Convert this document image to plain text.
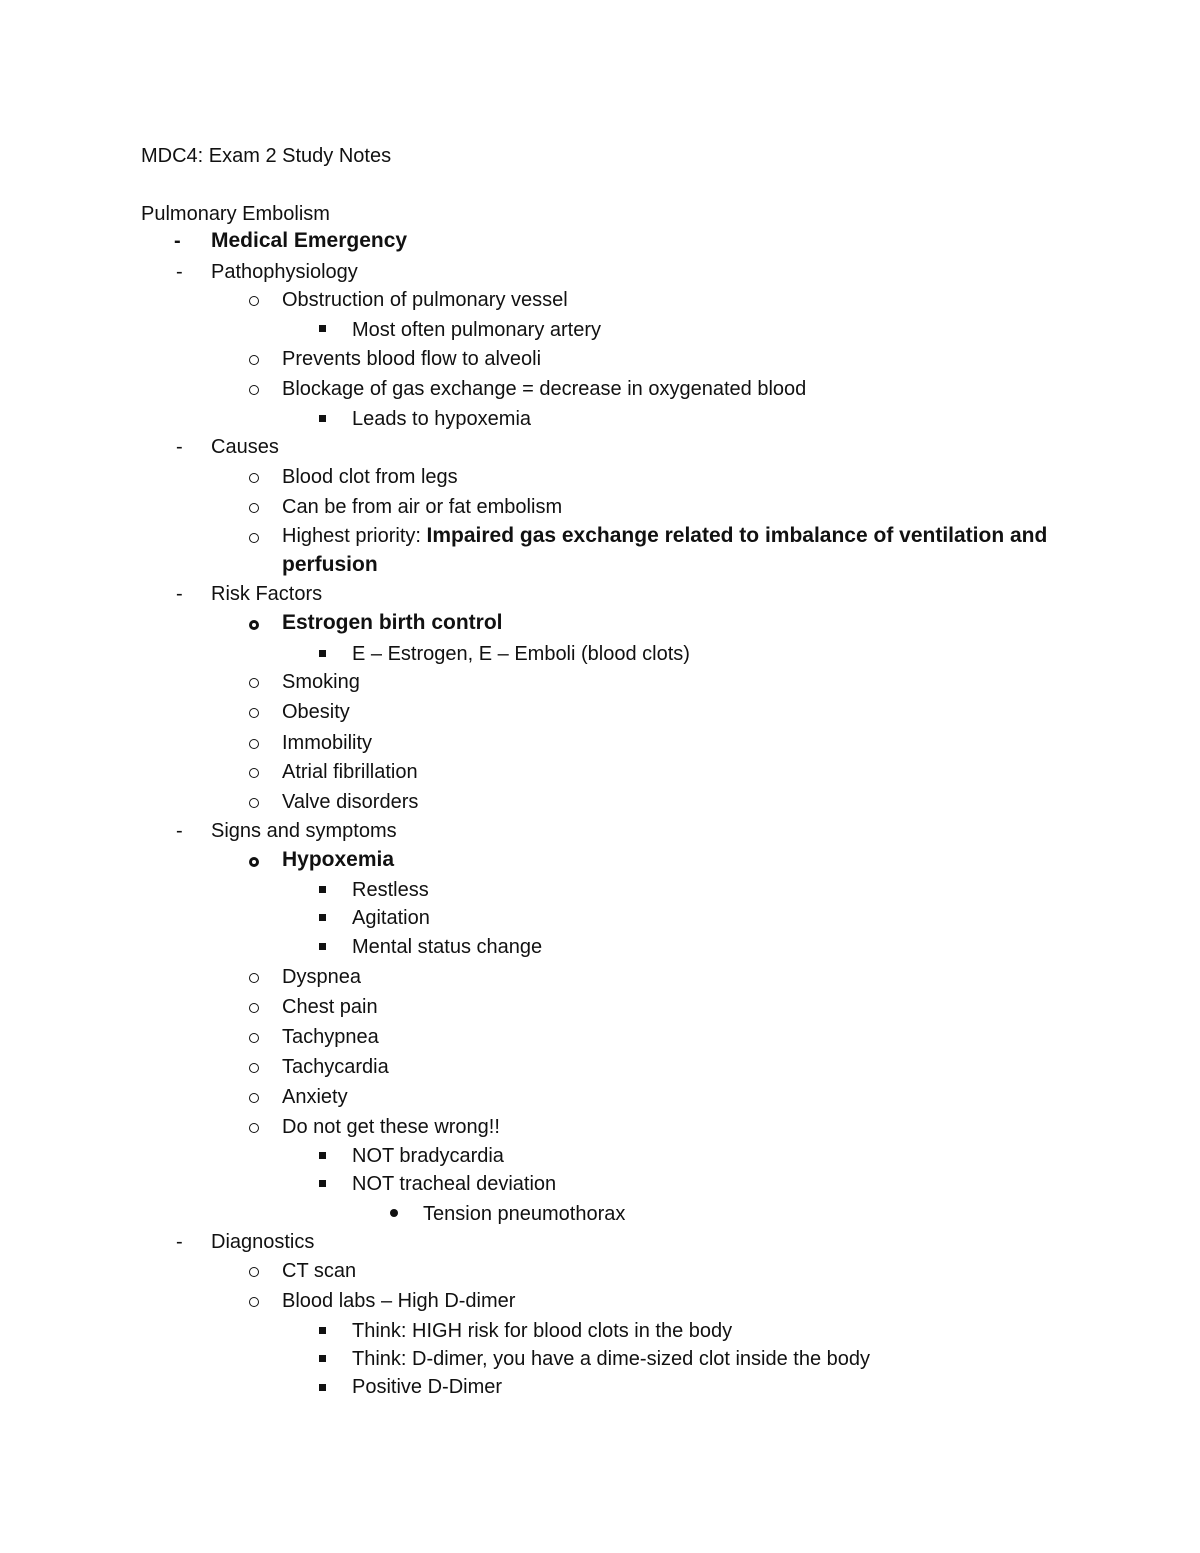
MDC4: Exam 2 Study Notes
Pulmonary Embolism
- Medical Emergency
- Pathophysiology
Obstruction of pulmonary vessel
Most often pulmonary artery
Prevents blood flow to alveoli
Blockage of gas exchange = decrease in oxygenated blood
Leads to hypoxemia
- Causes
Blood clot from legs
Can be from air or fat embolism
Highest priority: Impaired gas exchange related to imbalance of ventilation and
perfusion
- Risk Factors
Estrogen birth control
E – Estrogen, E – Emboli (blood clots)
Smoking
Obesity
Immobility
Atrial fibrillation
Valve disorders
- Signs and symptoms
Hypoxemia
Restless
Agitation
Mental status change
Dyspnea
Chest pain
Tachypnea
Tachycardia
Anxiety
Do not get these wrong!!
NOT bradycardia
NOT tracheal deviation
Tension pneumothorax
- Diagnostics
CT scan
Blood labs – High D-dimer
Think: HIGH risk for blood clots in the body
Think: D-dimer, you have a dime-sized clot inside the body
Positive D-Dimer
